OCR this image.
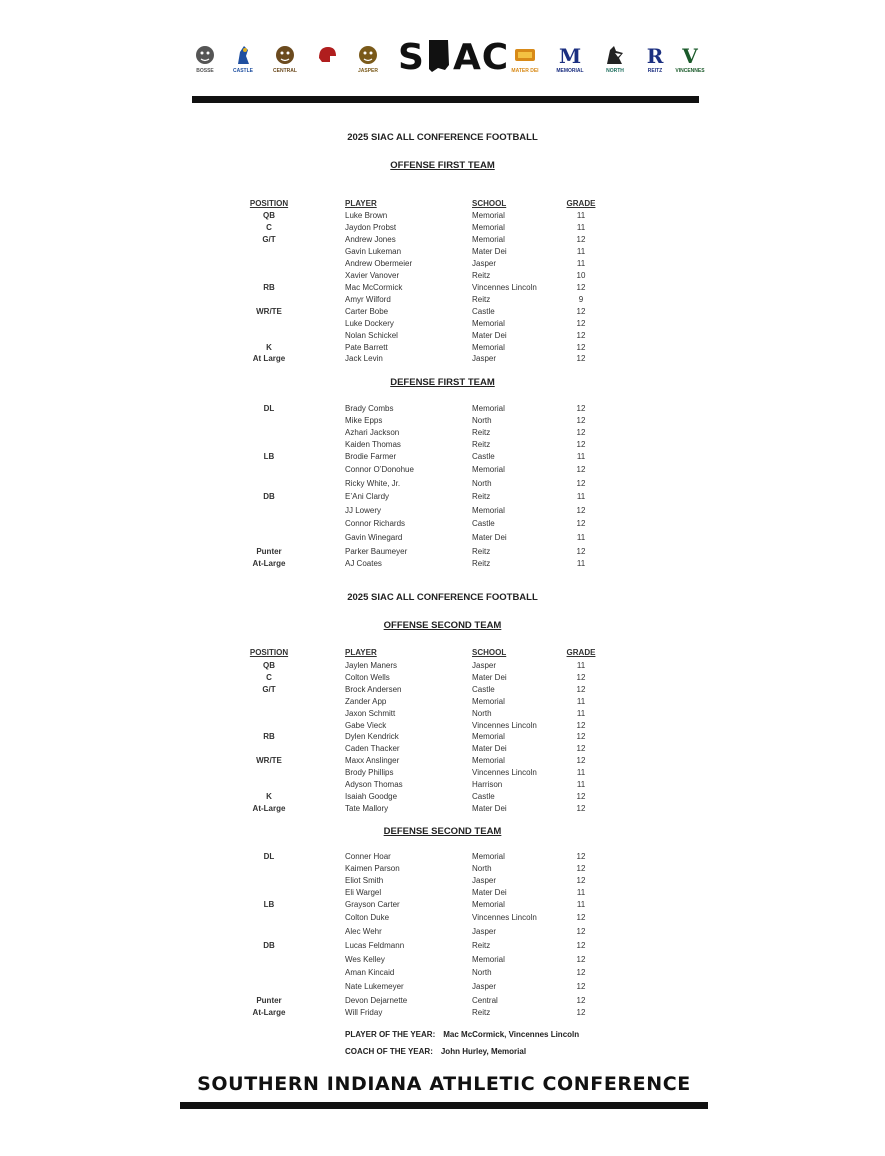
S AC
BOSSE	CASTLE	CENTRAL	JASPER	MATER DEI
M
MEMORIAL	NORTH
R
REITZ
V
VINCENNES
2025 SIAC ALL CONFERENCE FOOTBALL
OFFENSE FIRST TEAM
POSITION	PLAYER	SCHOOL	GRADE
QB	Luke Brown	Memorial	11
C	Jaydon Probst	Memorial	11
G/T	Andrew Jones	Memorial	12
Gavin Lukeman	Mater Dei	11
Andrew Obermeier	Jasper	11
Xavier Vanover	Reitz	10
RB	Mac McCormick	Vincennes Lincoln	12
Amyr Wilford	Reitz	9
WR/TE	Carter Bobe	Castle	12
Luke Dockery	Memorial	12
Nolan Schickel	Mater Dei	12
K	Pate Barrett	Memorial	12
At Large	Jack Levin	Jasper	12
DEFENSE FIRST TEAM
DL	Brady Combs	Memorial	12
Mike Epps	North	12
Azhari Jackson	Reitz	12
Kaiden Thomas	Reitz	12
LB	Brodie Farmer	Castle	11
Connor O’Donohue	Memorial	12
Ricky White, Jr.	North	12
DB	E’Ani Clardy	Reitz	11
JJ Lowery	Memorial	12
Connor Richards	Castle	12
Gavin Winegard	Mater Dei	11
Punter	Parker Baumeyer	Reitz	12
At-Large	AJ Coates	Reitz	11
2025 SIAC ALL CONFERENCE FOOTBALL
OFFENSE SECOND TEAM
POSITION	PLAYER	SCHOOL	GRADE
QB	Jaylen Maners	Jasper	11
C	Colton Wells	Mater Dei	12
G/T	Brock Andersen	Castle	12
Zander App	Memorial	11
Jaxon Schmitt	North	11
Gabe Vieck	Vincennes Lincoln	12
RB	Dylen Kendrick	Memorial	12
Caden Thacker	Mater Dei	12
WR/TE	Maxx Anslinger	Memorial	12
Brody Phillips	Vincennes Lincoln	11
Adyson Thomas	Harrison	11
K	Isaiah Goodge	Castle	12
At-Large	Tate Mallory	Mater Dei	12
DEFENSE SECOND TEAM
DL	Conner Hoar	Memorial	12
Kaimen Parson	North	12
Eliot Smith	Jasper	12
Eli Wargel	Mater Dei	11
LB	Grayson Carter	Memorial	11
Colton Duke	Vincennes Lincoln	12
Alec Wehr	Jasper	12
DB	Lucas Feldmann	Reitz	12
Wes Kelley	Memorial	12
Aman Kincaid	North	12
Nate Lukemeyer	Jasper	12
Punter	Devon Dejarnette	Central	12
At-Large	Will Friday	Reitz	12
PLAYER OF THE YEAR: Mac McCormick, Vincennes Lincoln
COACH OF THE YEAR: John Hurley, Memorial
SOUTHERN INDIANA ATHLETIC CONFERENCE
